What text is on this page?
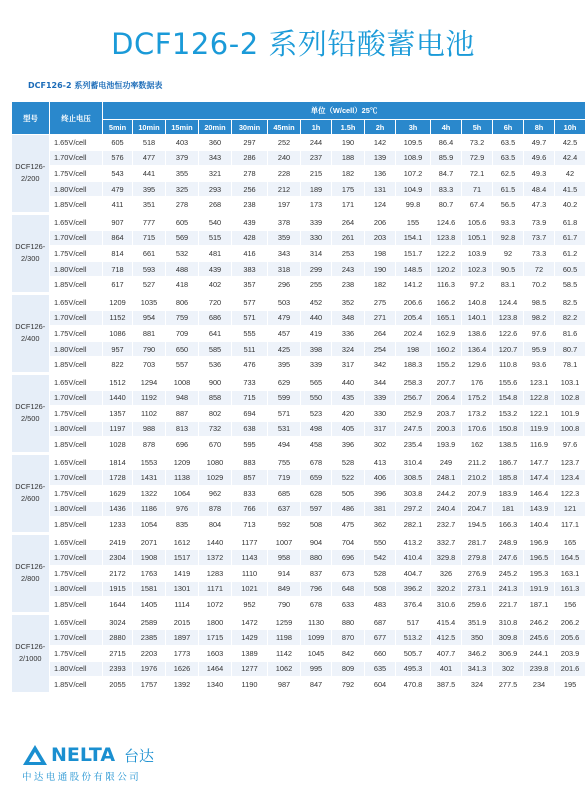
DCF126-2 系列铅酸蓄电池
DCF126-2 系列蓄电池恒功率数据表
型号	终止电压	单位（W/cell）25℃														
		5min	10min	15min	20min	30min	45min	1h	1.5h	2h	3h	4h	5h	6h	8h	10h

DCF126-
2/200	1.65V/cell	605	518	403	360	297	252	244	190	142	109.5	86.4	73.2	63.5	49.7	42.5
	1.70V/cell	576	477	379	343	286	240	237	188	139	108.9	85.9	72.9	63.5	49.6	42.4
	1.75V/cell	543	441	355	321	278	228	215	182	136	107.2	84.7	72.1	62.5	49.3	42
	1.80V/cell	479	395	325	293	256	212	189	175	131	104.9	83.3	71	61.5	48.4	41.5
	1.85V/cell	411	351	278	268	238	197	173	171	124	99.8	80.7	67.4	56.5	47.3	40.2

DCF126-
2/300	1.65V/cell	907	777	605	540	439	378	339	264	206	155	124.6	105.6	93.3	73.9	61.8
	1.70V/cell	864	715	569	515	428	359	330	261	203	154.1	123.8	105.1	92.8	73.7	61.7
	1.75V/cell	814	661	532	481	416	343	314	253	198	151.7	122.2	103.9	92	73.3	61.2
	1.80V/cell	718	593	488	439	383	318	299	243	190	148.5	120.2	102.3	90.5	72	60.5
	1.85V/cell	617	527	418	402	357	296	255	238	182	141.2	116.3	97.2	83.1	70.2	58.5

DCF126-
2/400	1.65V/cell	1209	1035	806	720	577	503	452	352	275	206.6	166.2	140.8	124.4	98.5	82.5
	1.70V/cell	1152	954	759	686	571	479	440	348	271	205.4	165.1	140.1	123.8	98.2	82.2
	1.75V/cell	1086	881	709	641	555	457	419	336	264	202.4	162.9	138.6	122.6	97.6	81.6
	1.80V/cell	957	790	650	585	511	425	398	324	254	198	160.2	136.4	120.7	95.9	80.7
	1.85V/cell	822	703	557	536	476	395	339	317	342	188.3	155.2	129.6	110.8	93.6	78.1

DCF126-
2/500	1.65V/cell	1512	1294	1008	900	733	629	565	440	344	258.3	207.7	176	155.6	123.1	103.1
	1.70V/cell	1440	1192	948	858	715	599	550	435	339	256.7	206.4	175.2	154.8	122.8	102.8
	1.75V/cell	1357	1102	887	802	694	571	523	420	330	252.9	203.7	173.2	153.2	122.1	101.9
	1.80V/cell	1197	988	813	732	638	531	498	405	317	247.5	200.3	170.6	150.8	119.9	100.8
	1.85V/cell	1028	878	696	670	595	494	458	396	302	235.4	193.9	162	138.5	116.9	97.6

DCF126-
2/600	1.65V/cell	1814	1553	1209	1080	883	755	678	528	413	310.4	249	211.2	186.7	147.7	123.7
	1.70V/cell	1728	1431	1138	1029	857	719	659	522	406	308.5	248.1	210.2	185.8	147.4	123.4
	1.75V/cell	1629	1322	1064	962	833	685	628	505	396	303.8	244.2	207.9	183.9	146.4	122.3
	1.80V/cell	1436	1186	976	878	766	637	597	486	381	297.2	240.4	204.7	181	143.9	121
	1.85V/cell	1233	1054	835	804	713	592	508	475	362	282.1	232.7	194.5	166.3	140.4	117.1

DCF126-
2/800	1.65V/cell	2419	2071	1612	1440	1177	1007	904	704	550	413.2	332.7	281.7	248.9	196.9	165
	1.70V/cell	2304	1908	1517	1372	1143	958	880	696	542	410.4	329.8	279.8	247.6	196.5	164.5
	1.75V/cell	2172	1763	1419	1283	1110	914	837	673	528	404.7	326	276.9	245.2	195.3	163.1
	1.80V/cell	1915	1581	1301	1171	1021	849	796	648	508	396.2	320.2	273.1	241.3	191.9	161.3
	1.85V/cell	1644	1405	1114	1072	952	790	678	633	483	376.4	310.6	259.6	221.7	187.1	156

DCF126-
2/1000	1.65V/cell	3024	2589	2015	1800	1472	1259	1130	880	687	517	415.4	351.9	310.8	246.2	206.2
	1.70V/cell	2880	2385	1897	1715	1429	1198	1099	870	677	513.2	412.5	350	309.8	245.6	205.6
	1.75V/cell	2715	2203	1773	1603	1389	1142	1045	842	660	505.7	407.7	346.2	306.9	244.1	203.9
	1.80V/cell	2393	1976	1626	1464	1277	1062	995	809	635	495.3	401	341.3	302	239.8	201.6
	1.85V/cell	2055	1757	1392	1340	1190	987	847	792	604	470.8	387.5	324	277.5	234	195
NELTA 台达
中达电通股份有限公司
